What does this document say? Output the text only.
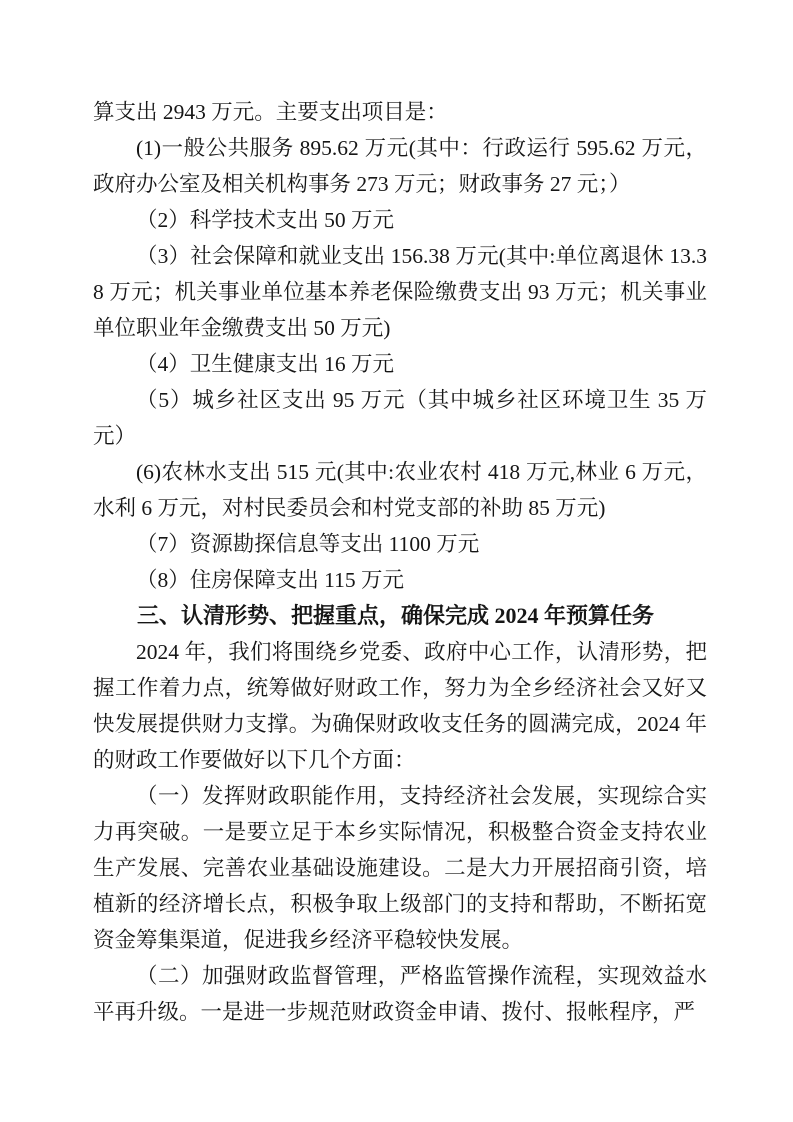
算支出 2943 万元。主要支出项目是：

(1)一般公共服务 895.62 万元(其中：行政运行 595.62 万元，政府办公室及相关机构事务 273 万元；财政事务 27 元；）

（2）科学技术支出 50 万元

（3）社会保障和就业支出 156.38 万元(其中:单位离退休 13.38 万元；机关事业单位基本养老保险缴费支出 93 万元；机关事业单位职业年金缴费支出 50 万元)

（4）卫生健康支出 16 万元

（5）城乡社区支出 95 万元（其中城乡社区环境卫生 35 万元）

(6)农林水支出 515 元(其中:农业农村 418 万元,林业 6 万元，水利 6 万元，对村民委员会和村党支部的补助 85 万元)

（7）资源勘探信息等支出 1100 万元

（8）住房保障支出 115 万元

三、认清形势、把握重点，确保完成 2024 年预算任务

2024 年，我们将围绕乡党委、政府中心工作，认清形势，把握工作着力点，统筹做好财政工作，努力为全乡经济社会又好又快发展提供财力支撑。为确保财政收支任务的圆满完成，2024 年的财政工作要做好以下几个方面：

（一）发挥财政职能作用，支持经济社会发展，实现综合实力再突破。一是要立足于本乡实际情况，积极整合资金支持农业生产发展、完善农业基础设施建设。二是大力开展招商引资，培植新的经济增长点，积极争取上级部门的支持和帮助，不断拓宽资金筹集渠道，促进我乡经济平稳较快发展。

（二）加强财政监督管理，严格监管操作流程，实现效益水平再升级。一是进一步规范财政资金申请、拨付、报帐程序，严
